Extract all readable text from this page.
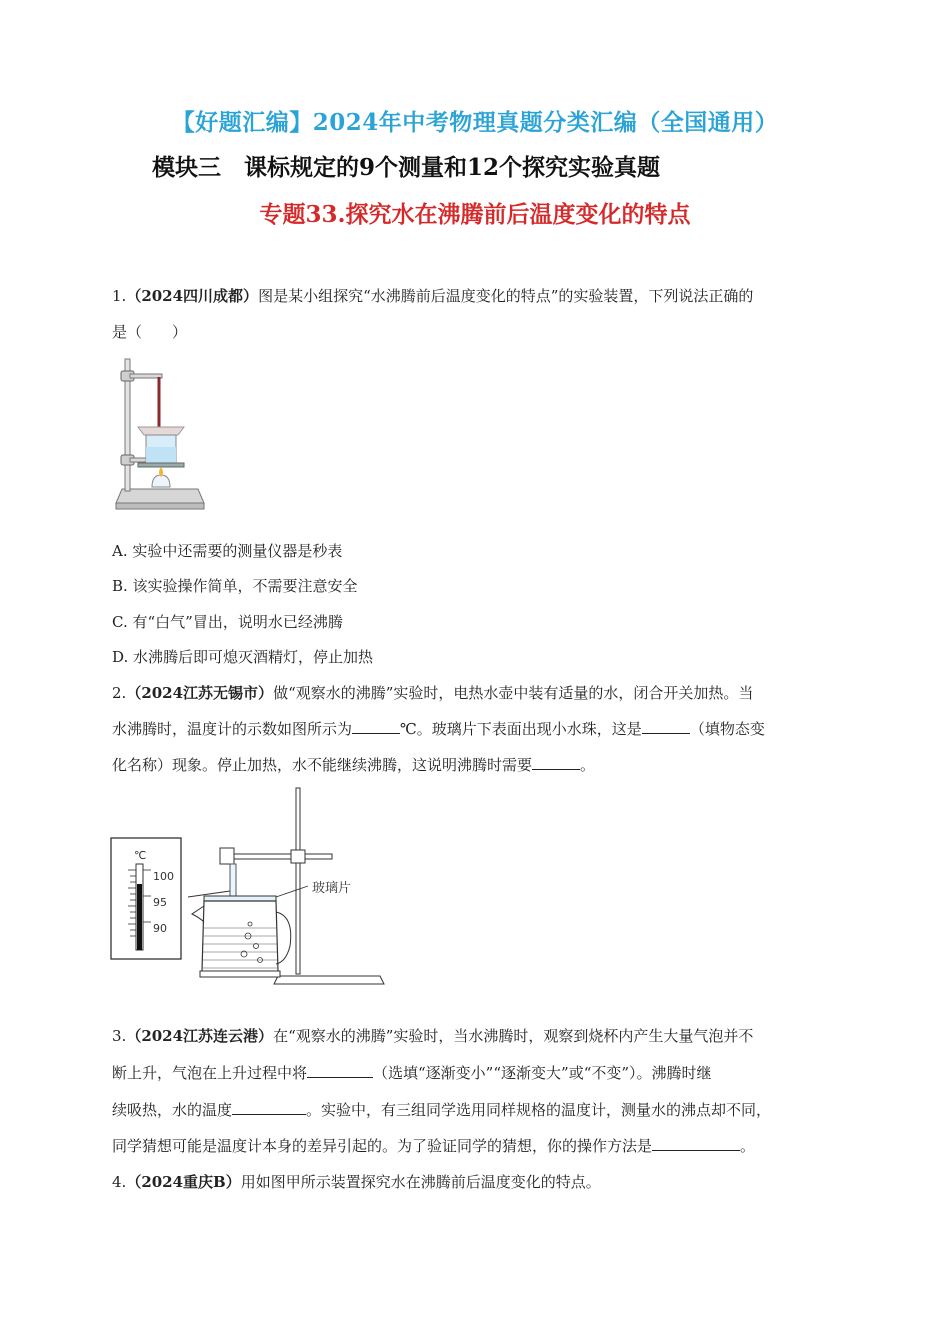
【好题汇编】2024年中考物理真题分类汇编（全国通用）
模块三　课标规定的9个测量和12个探究实验真题
专题33.探究水在沸腾前后温度变化的特点
1.（2024四川成都）图是某小组探究“水沸腾前后温度变化的特点”的实验装置，下列说法正确的
是（　　）
A. 实验中还需要的测量仪器是秒表
B. 该实验操作简单，不需要注意安全
C. 有“白气”冒出，说明水已经沸腾
D. 水沸腾后即可熄灭酒精灯，停止加热
2.（2024江苏无锡市）做“观察水的沸腾”实验时，电热水壶中装有适量的水，闭合开关加热。当
水沸腾时，温度计的示数如图所示为	℃。玻璃片下表面出现小水珠，这是	（填物态变
化名称）现象。停止加热，水不能继续沸腾，这说明沸腾时需要	。
℃
100
95
90
玻璃片
3.（2024江苏连云港）在“观察水的沸腾”实验时，当水沸腾时，观察到烧杯内产生大量气泡并不
断上升，气泡在上升过程中将	（选填“逐渐变小”“逐渐变大”或“不变”）。沸腾时继
续吸热，水的温度	。实验中，有三组同学选用同样规格的温度计，测量水的沸点却不同，
同学猜想可能是温度计本身的差异引起的。为了验证同学的猜想，你的操作方法是	。
4.（2024重庆B）用如图甲所示装置探究水在沸腾前后温度变化的特点。
